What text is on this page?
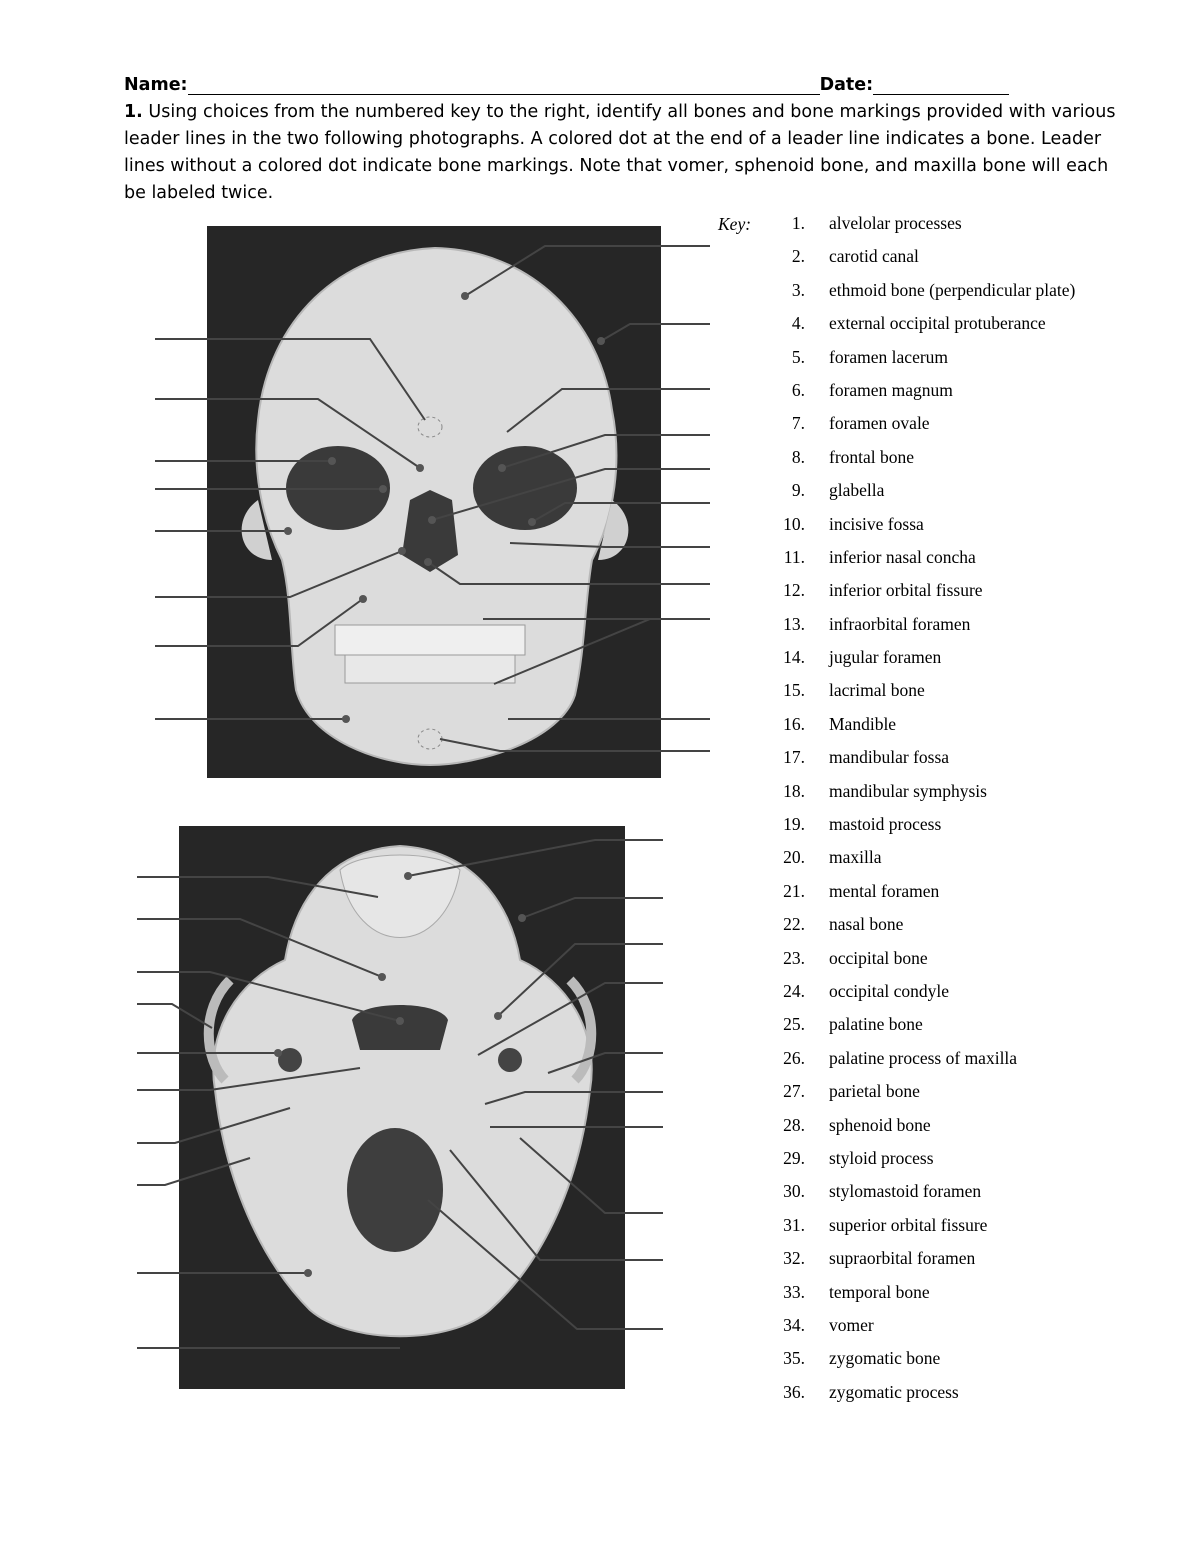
Name:	Date:

1. Using choices from the numbered key to the right, identify all bones and bone markings provided with various leader lines in the two following photographs. A colored dot at the end of a leader line indicates a bone. Leader lines without a colored dot indicate bone markings. Note that vomer, sphenoid bone, and maxilla bone will each be labeled twice.

Key:	1.	alvelolar processes
2.	carotid canal
3.	ethmoid bone (perpendicular plate)
4.	external occipital protuberance
5.	foramen lacerum
6.	foramen magnum
7.	foramen ovale
8.	frontal bone
9.	glabella
10.	incisive fossa
11.	inferior nasal concha
12.	inferior orbital fissure
13.	infraorbital foramen
14.	jugular foramen
15.	lacrimal bone
16.	Mandible
17.	mandibular fossa
18.	mandibular symphysis
19.	mastoid process
20.	maxilla
21.	mental foramen
22.	nasal bone
23.	occipital bone
24.	occipital condyle
25.	palatine bone
26.	palatine process of maxilla
27.	parietal bone
28.	sphenoid bone
29.	styloid process
30.	stylomastoid foramen
31.	superior orbital fissure
32.	supraorbital foramen
33.	temporal bone
34.	vomer
35.	zygomatic bone
36.	zygomatic process
